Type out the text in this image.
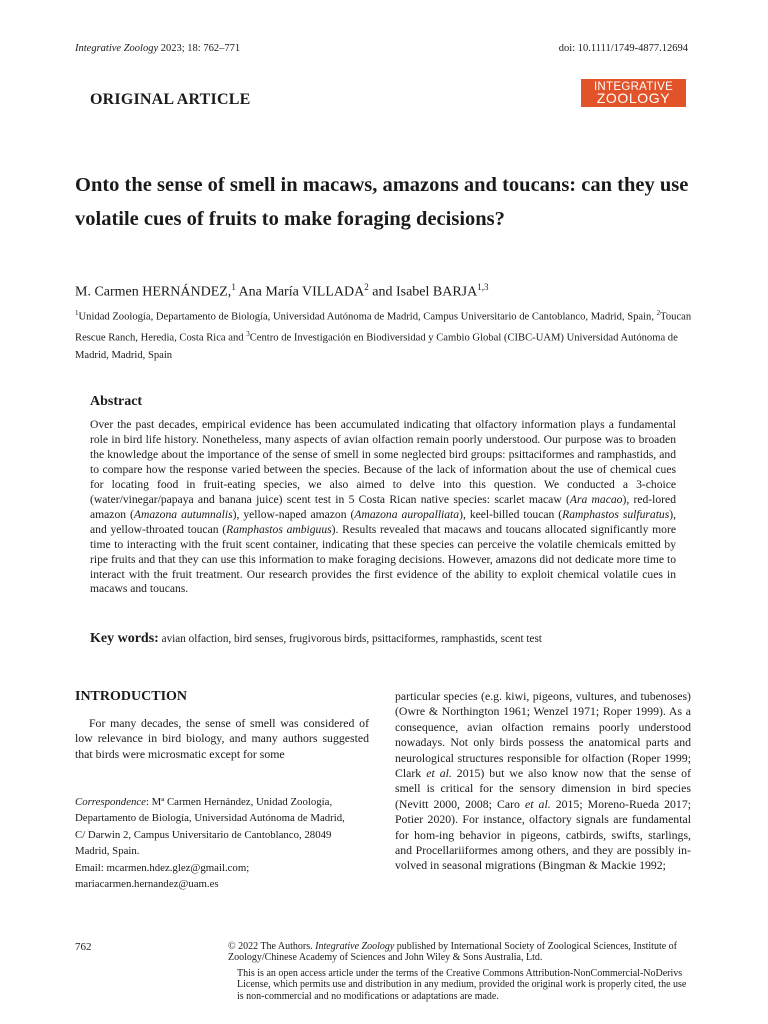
Integrative Zoology 2023; 18: 762–771	doi: 10.1111/1749-4877.12694
INTEGRATIVE
ZOOLOGY
ORIGINAL ARTICLE
Onto the sense of smell in macaws, amazons and toucans: can they use volatile cues of fruits to make foraging decisions?
M. Carmen HERNÁNDEZ,$^1$ Ana María VILLADA$^2$ and Isabel BARJA$^{1,3}$
$^1$Unidad Zoología, Departamento de Biología, Universidad Autónoma de Madrid, Campus Universitario de Cantoblanco, Madrid, Spain, $^2$Toucan Rescue Ranch, Heredia, Costa Rica and $^3$Centro de Investigación en Biodiversidad y Cambio Global (CIBC-UAM) Universidad Autónoma de Madrid, Madrid, Spain
Abstract

Over the past decades, empirical evidence has been accumulated indicating that olfactory information plays a fundamental role in bird life history. Nonetheless, many aspects of avian olfaction remain poorly understood. Our purpose was to broaden the knowledge about the importance of the sense of smell in some neglected bird groups: psittaciformes and ramphastids, and to compare how the response varied between the species. Because of the lack of information about the use of chemical cues for locating food in fruit-eating species, we also aimed to delve into this question. We conducted a 3-choice (water/vinegar/papaya and banana juice) scent test in 5 Costa Rican native species: scarlet macaw (Ara macao), red-lored amazon (Amazona autumnalis), yellow-naped amazon (Amazona auropalliata), keel-billed toucan (Ramphastos sulfuratus), and yellow-throated toucan (Ramphastos ambiguus). Results revealed that macaws and toucans allocated significantly more time to interacting with the fruit scent container, indicating that these species can perceive the volatile chemicals emitted by ripe fruits and that they can use this information to make foraging decisions. However, amazons did not dedicate more time to interact with the fruit treatment. Our research provides the first evidence of the ability to exploit chemical volatile cues in macaws and toucans.

Key words: avian olfaction, bird senses, frugivorous birds, psittaciformes, ramphastids, scent test
INTRODUCTION

For many decades, the sense of smell was considered of low relevance in bird biology, and many authors suggested that birds were microsmatic except for some

Correspondence: Mª Carmen Hernández, Unidad Zoología,
Departamento de Biología, Universidad Autónoma de Madrid,
C/ Darwin 2, Campus Universitario de Cantoblanco, 28049
Madrid, Spain.
Email: mcarmen.hdez.glez@gmail.com;
mariacarmen.hernandez@uam.es

particular species (e.g. kiwi, pigeons, vultures, and tubenoses) (Owre & Northington 1961; Wenzel 1971; Roper 1999). As a consequence, avian olfaction remains poorly understood nowadays. Not only birds possess the anatomical parts and neurological structures responsible for olfaction (Roper 1999; Clark et al. 2015) but we also know now that the sense of smell is critical for the sensory dimension in bird species (Nevitt 2000, 2008; Caro et al. 2015; Moreno-Rueda 2017; Potier 2020). For instance, olfactory signals are fundamental for hom-ing behavior in pigeons, catbirds, swifts, starlings, and Procellariiformes among others, and they are possibly in-volved in seasonal migrations (Bingman & Mackie 1992;

762	© 2022 The Authors. Integrative Zoology published by International Society of Zoological Sciences, Institute of Zoology/Chinese Academy of Sciences and John Wiley & Sons Australia, Ltd.
This is an open access article under the terms of the Creative Commons Attribution-NonCommercial-NoDerivs License, which permits use and distribution in any medium, provided the original work is properly cited, the use is non-commercial and no modifications or adaptations are made.
